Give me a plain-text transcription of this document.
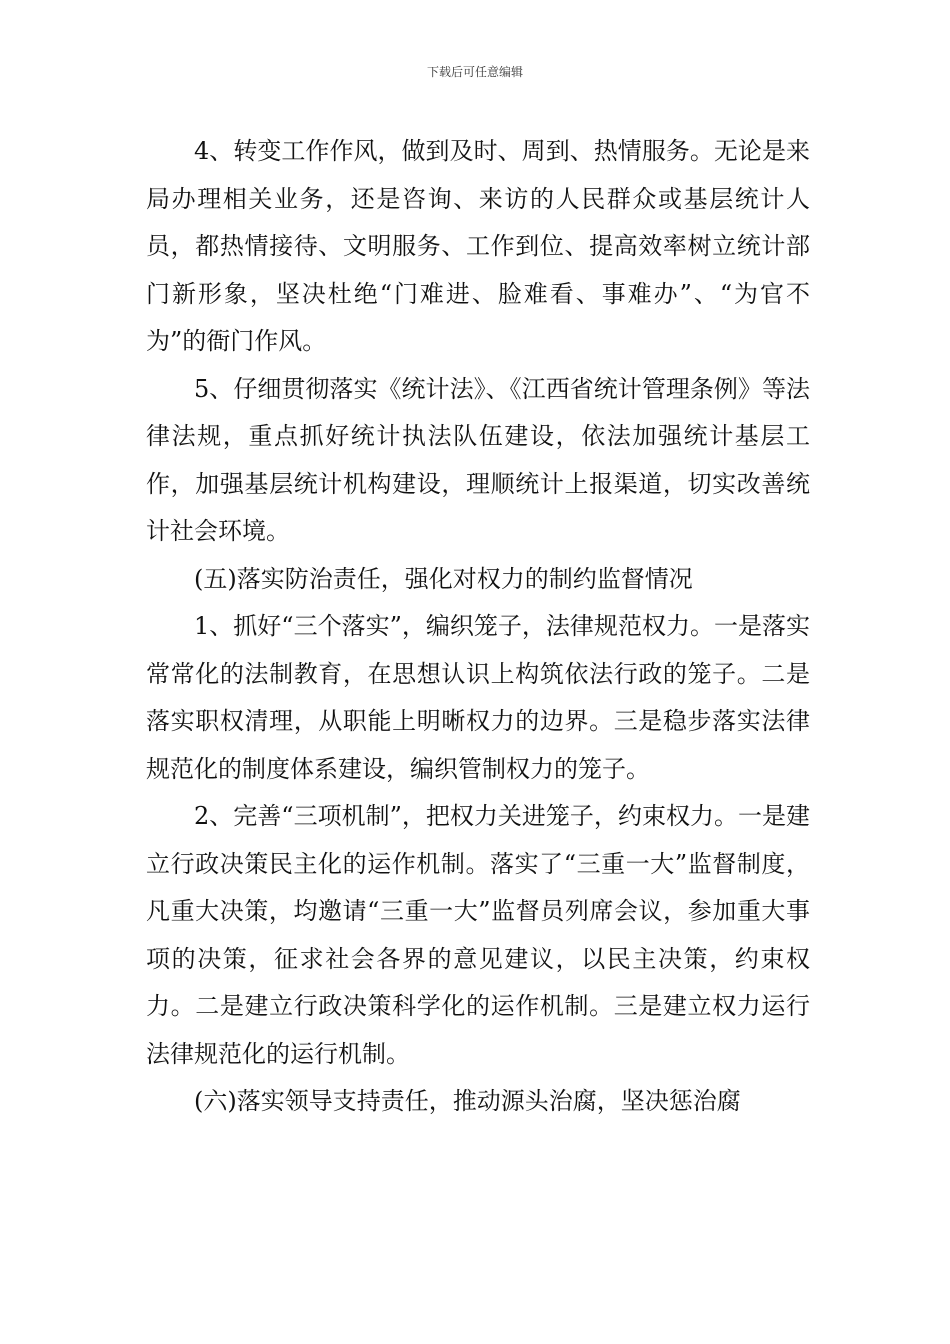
下载后可任意编辑

4、转变工作作风，做到及时、周到、热情服务。无论是来局办理相关业务，还是咨询、来访的人民群众或基层统计人员，都热情接待、文明服务、工作到位、提高效率树立统计部门新形象，坚决杜绝“门难进、脸难看、事难办”、“为官不为”的衙门作风。

5、仔细贯彻落实《统计法》、《江西省统计管理条例》等法律法规，重点抓好统计执法队伍建设，依法加强统计基层工作，加强基层统计机构建设，理顺统计上报渠道，切实改善统计社会环境。

(五)落实防治责任，强化对权力的制约监督情况

1、抓好“三个落实”，编织笼子，法律规范权力。一是落实常常化的法制教育，在思想认识上构筑依法行政的笼子。二是落实职权清理，从职能上明晰权力的边界。三是稳步落实法律规范化的制度体系建设，编织管制权力的笼子。

2、完善“三项机制”，把权力关进笼子，约束权力。一是建立行政决策民主化的运作机制。落实了“三重一大”监督制度，凡重大决策，均邀请“三重一大”监督员列席会议，参加重大事项的决策，征求社会各界的意见建议，以民主决策，约束权力。二是建立行政决策科学化的运作机制。三是建立权力运行法律规范化的运行机制。

(六)落实领导支持责任，推动源头治腐，坚决惩治腐
